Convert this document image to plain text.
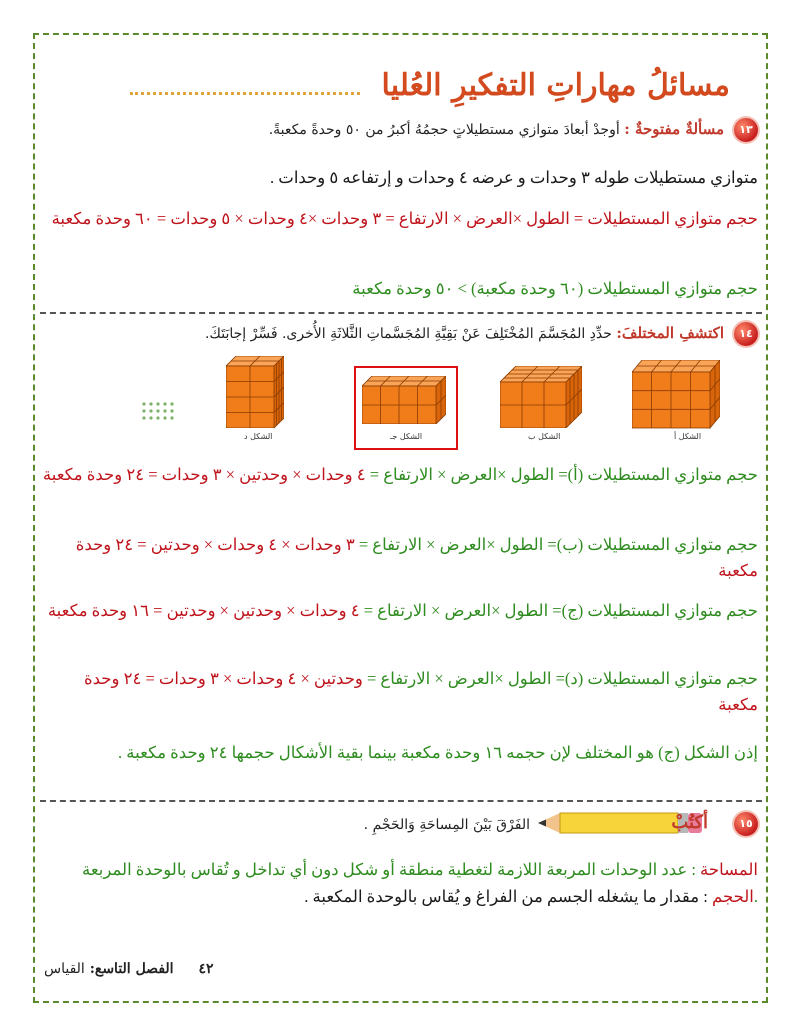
مسائلُ مهاراتِ التفكيرِ العُليا
١٣
مسألةٌ مفتوحةٌ : أوجدْ أبعادَ متوازي مستطيلاتٍ حجمُهُ أكبرُ من ٥٠ وحدةً مكعبةً.
متوازي مستطيلات طوله ٣ وحدات و عرضه ٤ وحدات و إرتفاعه ٥ وحدات .
حجم متوازي المستطيلات = الطول ×العرض × الارتفاع = ٣ وحدات ×٤ وحدات × ٥ وحدات = ٦٠ وحدة مكعبة
حجم متوازي المستطيلات (٦٠ وحدة مكعبة) > ٥٠ وحدة مكعبة
١٤
اكتشفِ المختلفَ: حدِّدِ المُجَسَّمَ المُخْتَلِفَ عَنْ بَقِيَّةِ المُجَسَّماتِ الثَّلاثَةِ الأُخرى. فَسِّرْ إجابَتَكَ.
الشكل أ
الشكل ب
الشكل جـ
الشكل د
حجم متوازي المستطيلات (أ)= الطول ×العرض × الارتفاع = ٤ وحدات × وحدتين × ٣ وحدات = ٢٤ وحدة مكعبة
حجم متوازي المستطيلات (ب)= الطول ×العرض × الارتفاع = ٣ وحدات × ٤ وحدات × وحدتين = ٢٤ وحدة مكعبة
حجم متوازي المستطيلات (ج)= الطول ×العرض × الارتفاع = ٤ وحدات × وحدتين × وحدتين = ١٦ وحدة مكعبة
حجم متوازي المستطيلات (د)= الطول ×العرض × الارتفاع = وحدتين × ٤ وحدات × ٣ وحدات = ٢٤ وحدة مكعبة
إذن الشكل (ج) هو المختلف لإن حجمه ١٦ وحدة مكعبة بينما بقية الأشكال حجمها ٢٤ وحدة مكعبة .
١٥
أكتُبْ
الفَرْقَ بَيْنَ المِساحَةِ وَالحَجْمِ .
المساحة : عدد الوحدات المربعة اللازمة لتغطية منطقة أو شكل دون أي تداخل و تُقاس بالوحدة المربعة .الحجم : مقدار ما يشغله الجسم من الفراغ و يُقاس بالوحدة المكعبة .
٤٢ الفصل التاسع: القياس
